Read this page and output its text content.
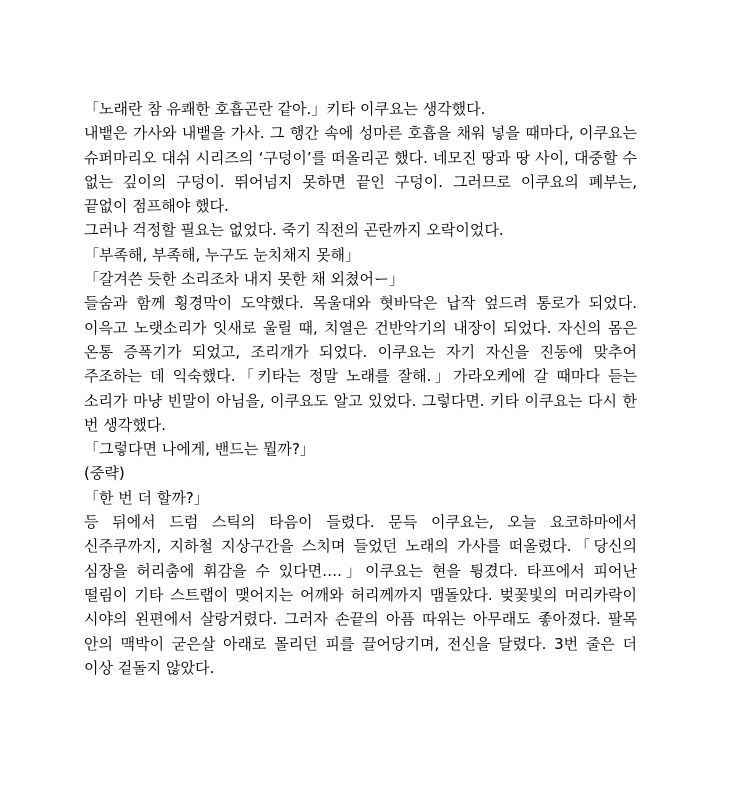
「노래란 참 유쾌한 호흡곤란 같아.」키타 이쿠요는 생각했다.

내뱉은 가사와 내뱉을 가사. 그 행간 속에 성마른 호흡을 채워 넣을 때마다, 이쿠요는 슈퍼마리오 대쉬 시리즈의 ‘구덩이’를 떠올리곤 했다. 네모진 땅과 땅 사이, 대중할 수 없는 깊이의 구덩이. 뛰어넘지 못하면 끝인 구덩이. 그러므로 이쿠요의 폐부는, 끝없이 점프해야 했다.

그러나 걱정할 필요는 없었다. 죽기 직전의 곤란까지 오락이었다.

「부족해, 부족해, 누구도 눈치채지 못해」

「갈겨쓴 듯한 소리조차 내지 못한 채 외쳤어ー」

들숨과 함께 횡경막이 도약했다. 목울대와 혓바닥은 납작 엎드려 통로가 되었다. 이윽고 노랫소리가 잇새로 울릴 때, 치열은 건반악기의 내장이 되었다. 자신의 몸은 온통 증폭기가 되었고, 조리개가 되었다. 이쿠요는 자기 자신을 진동에 맞추어 주조하는 데 익숙했다.「키타는 정말 노래를 잘해.」가라오케에 갈 때마다 듣는 소리가 마냥 빈말이 아님을, 이쿠요도 알고 있었다. 그렇다면. 키타 이쿠요는 다시 한 번 생각했다.

「그렇다면 나에게, 밴드는 뭘까?」

(중략)

「한 번 더 할까?」

등 뒤에서 드럼 스틱의 타음이 들렸다. 문득 이쿠요는, 오늘 요코하마에서 신주쿠까지, 지하철 지상구간을 스치며 들었던 노래의 가사를 떠올렸다.「당신의 심장을 허리춤에 휘감을 수 있다면….」이쿠요는 현을 튕겼다. 타프에서 피어난 떨림이 기타 스트랩이 맺어지는 어깨와 허리께까지 맴돌았다. 벚꽃빛의 머리카락이 시야의 왼편에서 살랑거렸다. 그러자 손끝의 아픔 따위는 아무래도 좋아졌다. 팔목 안의 맥박이 굳은살 아래로 몰리던 피를 끌어당기며, 전신을 달렸다. 3번 줄은 더 이상 겉돌지 않았다.
